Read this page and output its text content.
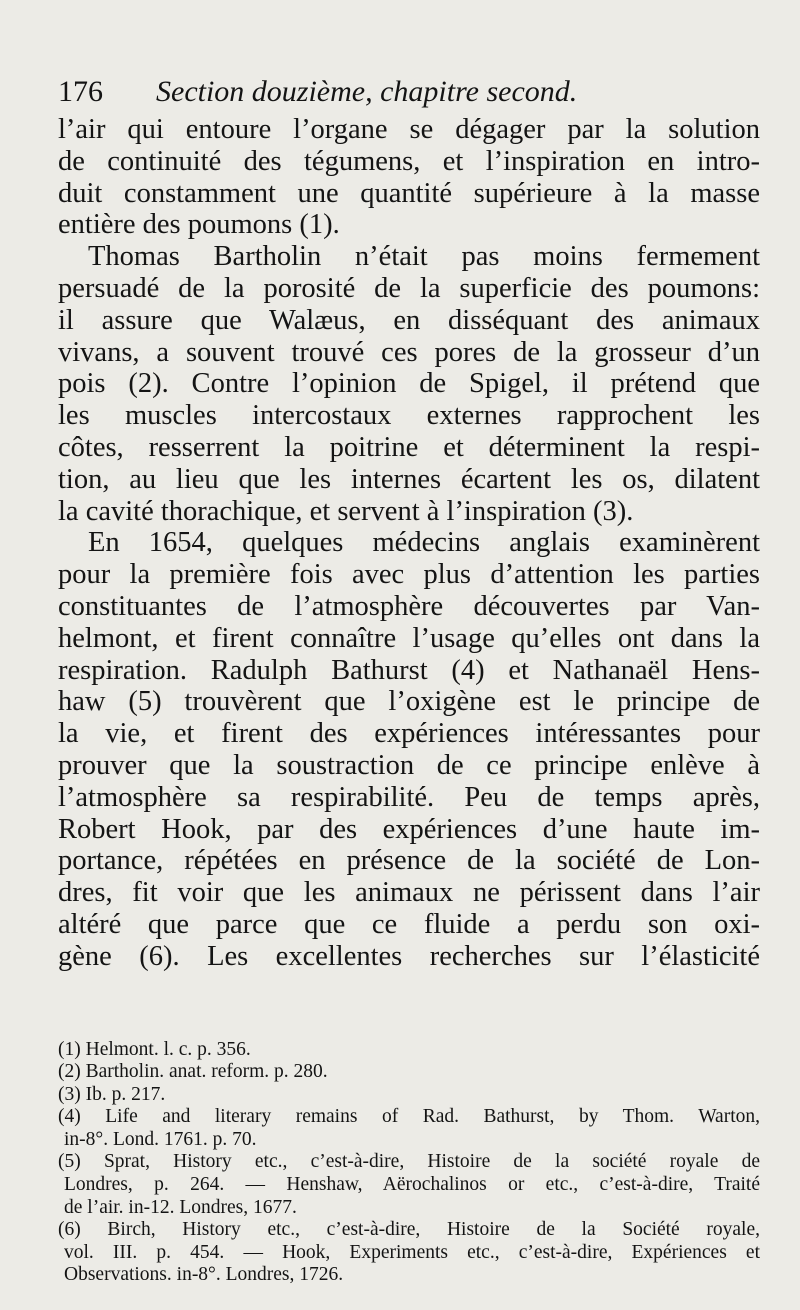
176	Section douzième, chapitre second.
l’air qui entoure l’organe se dégager par la solution
de continuité des tégumens, et l’inspiration en intro-
duit constamment une quantité supérieure à la masse
entière des poumons (1).
Thomas Bartholin n’était pas moins fermement
persuadé de la porosité de la superficie des poumons:
il assure que Walæus, en disséquant des animaux
vivans, a souvent trouvé ces pores de la grosseur d’un
pois (2). Contre l’opinion de Spigel, il prétend que
les muscles intercostaux externes rapprochent les
côtes, resserrent la poitrine et déterminent la respi-
tion, au lieu que les internes écartent les os, dilatent
la cavité thorachique, et servent à l’inspiration (3).
En 1654, quelques médecins anglais examinèrent
pour la première fois avec plus d’attention les parties
constituantes de l’atmosphère découvertes par Van-
helmont, et firent connaître l’usage qu’elles ont dans la
respiration. Radulph Bathurst (4) et Nathanaël Hens-
haw (5) trouvèrent que l’oxigène est le principe de
la vie, et firent des expériences intéressantes pour
prouver que la soustraction de ce principe enlève à
l’atmosphère sa respirabilité. Peu de temps après,
Robert Hook, par des expériences d’une haute im-
portance, répétées en présence de la société de Lon-
dres, fit voir que les animaux ne périssent dans l’air
altéré que parce que ce fluide a perdu son oxi-
gène (6). Les excellentes recherches sur l’élasticité
(1) Helmont. l. c. p. 356.
(2) Bartholin. anat. reform. p. 280.
(3) Ib. p. 217.
(4) Life and literary remains of Rad. Bathurst, by Thom. Warton,
in-8°. Lond. 1761. p. 70.
(5) Sprat, History etc., c’est-à-dire, Histoire de la société royale de
Londres, p. 264. — Henshaw, Aërochalinos or etc., c’est-à-dire, Traité
de l’air. in-12. Londres, 1677.
(6) Birch, History etc., c’est-à-dire, Histoire de la Société royale,
vol. III. p. 454. — Hook, Experiments etc., c’est-à-dire, Expériences et
Observations. in-8°. Londres, 1726.
